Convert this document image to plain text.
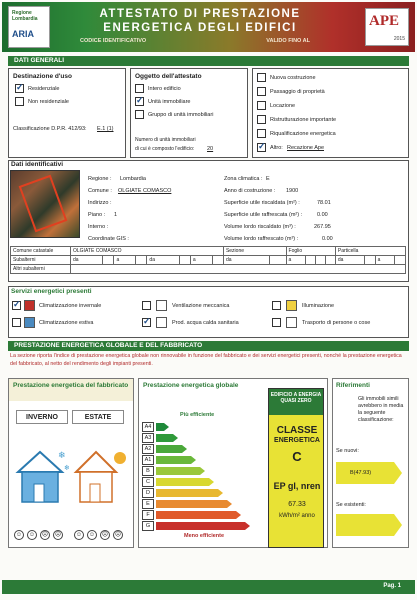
Regione Lombardia
ARIA
ATTESTATO DI PRESTAZIONE
ENERGETICA DEGLI EDIFICI
CODICE IDENTIFICATIVO	VALIDO FINO AL
APE
2015
DATI GENERALI
Destinazione d'uso
✓
Residenziale
Non residenziale
Classificazione D.P.R. 412/93: E.1 (1)
Oggetto dell'attestato
Intero edificio
✓
Unità immobiliare
Gruppo di unità immobiliari
Numero di unità immobiliari
di cui è composto l'edificio: 20
Nuova costruzione
Passaggio di proprietà
Locazione
Ristrutturazione importante
Riqualificazione energetica
✓
Altro: Recazione Ape
Dati identificativi
Regione : Lombardia
Comune : OLGIATE COMASCO
Indirizzo :
Piano : 1
Interno :
Coordinate GIS :
Zona climatica : E
Anno di costruzione : 1900
Superficie utile riscaldata (m²) :	78.01
Superficie utile raffrescata (m²) :	0.00
Volume lordo riscaldato (m³) :	267.95
Volume lordo raffrescato (m³) :	0.00
Comune catastale	OLGIATE COMASCO								Sezione		Foglio				Particella			
Subalterni	da		a		da		a		da		a				da		a	
Altri subalterni																		
Servizi energetici presenti
✓
Climatizzazione invernale
Climatizzazione estiva
Ventilazione meccanica
✓
Prod. acqua calda sanitaria
Illuminazione
Trasporto di persone o cose
PRESTAZIONE ENERGETICA GLOBALE E DEL FABBRICATO
La sezione riporta l'indice di prestazione energetica globale non rinnovabile in funzione del fabbricato e dei servizi energetici presenti, nonché la prestazione energetica del fabbricato, al netto del rendimento degli impianti presenti.
Prestazione energetica del fabbricato
INVERNO	ESTATE
❄
❄
☺	☺	☹	☹	☺	☺	☹	☹
Prestazione energetica globale
Più efficiente
Meno efficiente
A4
A3
A2
A1
B
C
D
E
F
G
EDIFICIO A ENERGIA QUASI ZERO
CLASSE
ENERGETICA
C
EP gl, nren
67.33
kWh/m² anno
Riferimenti
Gli immobili simili avrebbero in media la seguente classificazione:
Se nuovi:
B(47.93)
Se esistenti:
Pag. 1
